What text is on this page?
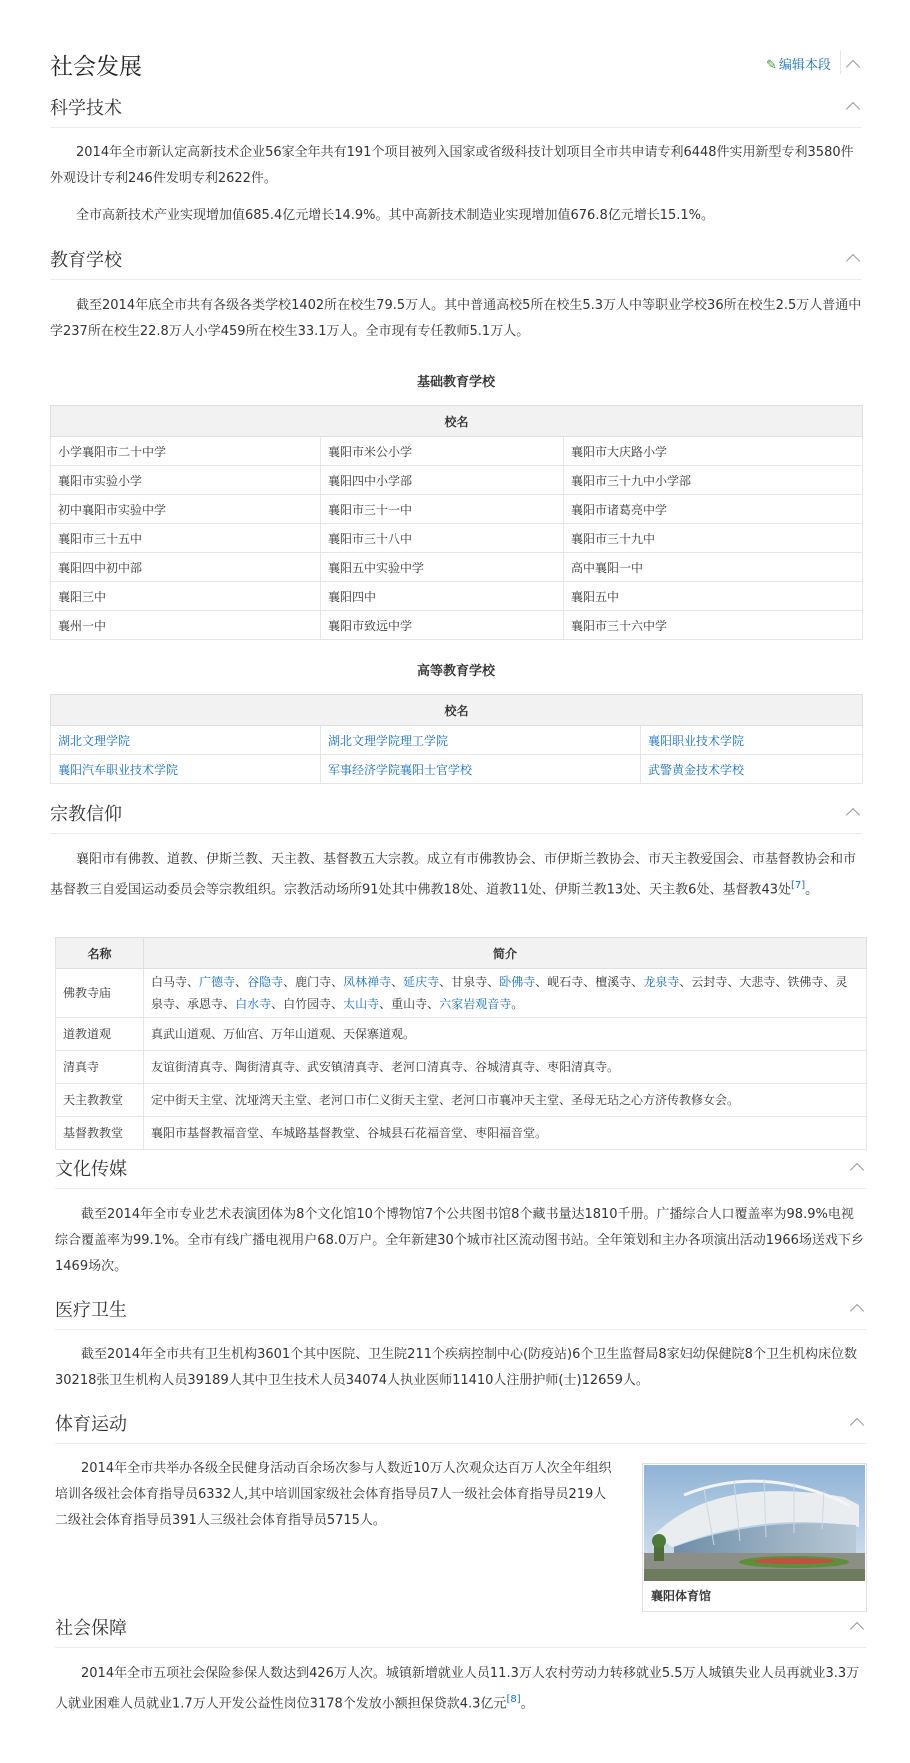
社会发展	✎ 编辑本段
科学技术

2014年全市新认定高新技术企业56家全年共有191个项目被列入国家或省级科技计划项目全市共申请专利6448件实用新型专利3580件外观设计专利246件发明专利2622件。

全市高新技术产业实现增加值685.4亿元增长14.9%。其中高新技术制造业实现增加值676.8亿元增长15.1%。

教育学校

截至2014年底全市共有各级各类学校1402所在校生79.5万人。其中普通高校5所在校生5.3万人中等职业学校36所在校生2.5万人普通中学237所在校生22.8万人小学459所在校生33.1万人。全市现有专任教师5.1万人。

基础教育学校
校名		
小学襄阳市二十中学	襄阳市米公小学	襄阳市大庆路小学
襄阳市实验小学	襄阳四中小学部	襄阳市三十九中小学部
初中襄阳市实验中学	襄阳市三十一中	襄阳市诸葛亮中学
襄阳市三十五中	襄阳市三十八中	襄阳市三十九中
襄阳四中初中部	襄阳五中实验中学	高中襄阳一中
襄阳三中	襄阳四中	襄阳五中
襄州一中	襄阳市致远中学	襄阳市三十六中学
高等教育学校
校名		
湖北文理学院	湖北文理学院理工学院	襄阳职业技术学院
襄阳汽车职业技术学院	军事经济学院襄阳士官学校	武警黄金技术学校
宗教信仰

襄阳市有佛教、道教、伊斯兰教、天主教、基督教五大宗教。成立有市佛教协会、市伊斯兰教协会、市天主教爱国会、市基督教协会和市基督教三自爱国运动委员会等宗教组织。宗教活动场所91处其中佛教18处、道教11处、伊斯兰教13处、天主教6处、基督教43处[7]。

名称	简介
佛教寺庙	白马寺、广德寺、谷隐寺、鹿门寺、凤林禅寺、延庆寺、甘泉寺、卧佛寺、岘石寺、檀溪寺、龙泉寺、云封寺、大悲寺、铁佛寺、灵泉寺、承恩寺、白水寺、白竹园寺、太山寺、重山寺、六家岩观音寺。
道教道观	真武山道观、万仙宫、万年山道观、天保寨道观。
清真寺	友谊街清真寺、陶街清真寺、武安镇清真寺、老河口清真寺、谷城清真寺、枣阳清真寺。
天主教教堂	定中街天主堂、沈垭湾天主堂、老河口市仁义街天主堂、老河口市襄冲天主堂、圣母无玷之心方济传教修女会。
基督教教堂	襄阳市基督教福音堂、车城路基督教堂、谷城县石花福音堂、枣阳福音堂。
文化传媒

截至2014年全市专业艺术表演团体为8个文化馆10个博物馆7个公共图书馆8个藏书量达1810千册。广播综合人口覆盖率为98.9%电视综合覆盖率为99.1%。全市有线广播电视用户68.0万户。全年新建30个城市社区流动图书站。全年策划和主办各项演出活动1966场送戏下乡1469场次。

医疗卫生

截至2014年全市共有卫生机构3601个其中医院、卫生院211个疾病控制中心(防疫站)6个卫生监督局8家妇幼保健院8个卫生机构床位数30218张卫生机构人员39189人其中卫生技术人员34074人执业医师11410人注册护师(士)12659人。

体育运动

2014年全市共举办各级全民健身活动百余场次参与人数近10万人次观众达百万人次全年组织培训各级社会体育指导员6332人,其中培训国家级社会体育指导员7人一级社会体育指导员219人二级社会体育指导员391人三级社会体育指导员5715人。

襄阳体育馆
社会保障

2014年全市五项社会保险参保人数达到426万人次。城镇新增就业人员11.3万人农村劳动力转移就业5.5万人城镇失业人员再就业3.3万人就业困难人员就业1.7万人开发公益性岗位3178个发放小额担保贷款4.3亿元[8]。
